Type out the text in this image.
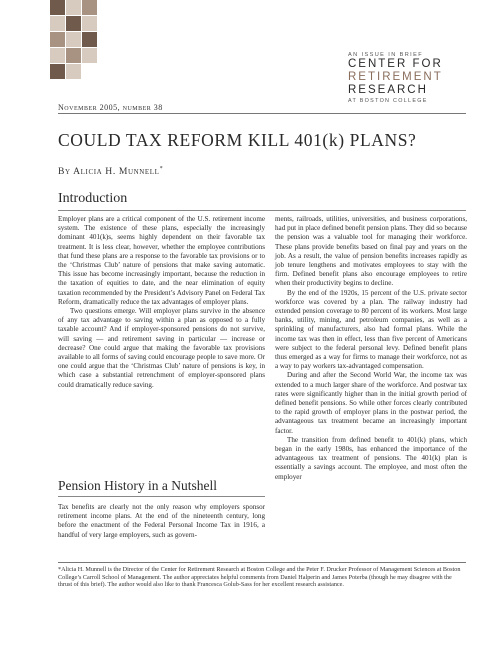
AN ISSUE IN BRIEF
CENTER FOR
RETIREMENT
RESEARCH
AT BOSTON COLLEGE
November 2005, number 38
COULD TAX REFORM KILL 401(k) PLANS?
By Alicia H. Munnell*
Introduction

Employer plans are a critical component of the U.S. retirement income system. The existence of these plans, especially the increasingly dominant 401(k)s, seems highly dependent on their favorable tax treatment. It is less clear, however, whether the employee contributions that fund these plans are a response to the favorable tax provisions or to the ‘Christmas Club’ nature of pensions that make saving automatic. This issue has become increasingly important, because the reduction in the taxation of equities to date, and the near elimination of equity taxation recommended by the President’s Advisory Panel on Federal Tax Reform, dramatically reduce the tax advantages of employer plans.

Two questions emerge. Will employer plans survive in the absence of any tax advantage to saving within a plan as opposed to a fully taxable account? And if employer-sponsored pensions do not survive, will saving — and retirement saving in particular — increase or decrease? One could argue that making the favorable tax provisions available to all forms of saving could encourage people to save more. Or one could argue that the ‘Christmas Club’ nature of pensions is key, in which case a substantial retrenchment of employer-sponsored plans could dramatically reduce saving.

Pension History in a Nutshell

Tax benefits are clearly not the only reason why employers sponsor retirement income plans. At the end of the nineteenth century, long before the enactment of the Federal Personal Income Tax in 1916, a handful of very large employers, such as govern-

ments, railroads, utilities, universities, and business corporations, had put in place defined benefit pension plans. They did so because the pension was a valuable tool for managing their workforce. These plans provide benefits based on final pay and years on the job. As a result, the value of pension benefits increases rapidly as job tenure lengthens and motivates employees to stay with the firm. Defined benefit plans also encourage employees to retire when their productivity begins to decline.

By the end of the 1920s, 15 percent of the U.S. private sector workforce was covered by a plan. The railway industry had extended pension coverage to 80 percent of its workers. Most large banks, utility, mining, and petroleum companies, as well as a sprinkling of manufacturers, also had formal plans. While the income tax was then in effect, less than five percent of Americans were subject to the federal personal levy. Defined benefit plans thus emerged as a way for firms to manage their workforce, not as a way to pay workers tax-advantaged compensation.

During and after the Second World War, the income tax was extended to a much larger share of the workforce. And postwar tax rates were significantly higher than in the initial growth period of defined benefit pensions. So while other forces clearly contributed to the rapid growth of employer plans in the postwar period, the advantageous tax treatment became an increasingly important factor.

The transition from defined benefit to 401(k) plans, which began in the early 1980s, has enhanced the importance of the advantageous tax treatment of pensions. The 401(k) plan is essentially a savings account. The employee, and most often the employer

*Alicia H. Munnell is the Director of the Center for Retirement Research at Boston College and the Peter F. Drucker Professor of Management Sciences at Boston College’s Carroll School of Management. The author appreciates helpful comments from Daniel Halperin and James Poterba (though he may disagree with the thrust of this brief). The author would also like to thank Francesca Golub-Sass for her excellent research assistance.
